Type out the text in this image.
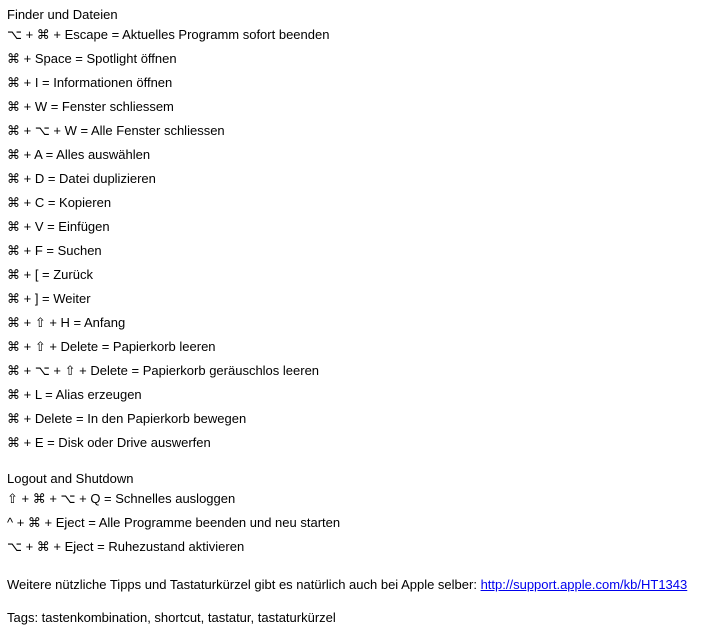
Finder und Dateien
⌥ + ⌘ + Escape = Aktuelles Programm sofort beenden
⌘ + Space = Spotlight öffnen
⌘ + I = Informationen öffnen
⌘ + W = Fenster schliessem
⌘ + ⌥ + W = Alle Fenster schliessen
⌘ + A = Alles auswählen
⌘ + D = Datei duplizieren
⌘ + C = Kopieren
⌘ + V = Einfügen
⌘ + F = Suchen
⌘ + [ = Zurück
⌘ + ] = Weiter
⌘ + ⇧ + H = Anfang
⌘ + ⇧ + Delete = Papierkorb leeren
⌘ + ⌥ + ⇧ + Delete = Papierkorb geräuschlos leeren
⌘ + L = Alias erzeugen
⌘ + Delete = In den Papierkorb bewegen
⌘ + E = Disk oder Drive auswerfen
Logout and Shutdown
⇧ + ⌘ + ⌥ + Q = Schnelles ausloggen
^ + ⌘ + Eject = Alle Programme beenden und neu starten
⌥ + ⌘ + Eject = Ruhezustand aktivieren
Weitere nützliche Tipps und Tastaturkürzel gibt es natürlich auch bei Apple selber: http://support.apple.com/kb/HT1343
Tags: tastenkombination, shortcut, tastatur, tastaturkürzel
